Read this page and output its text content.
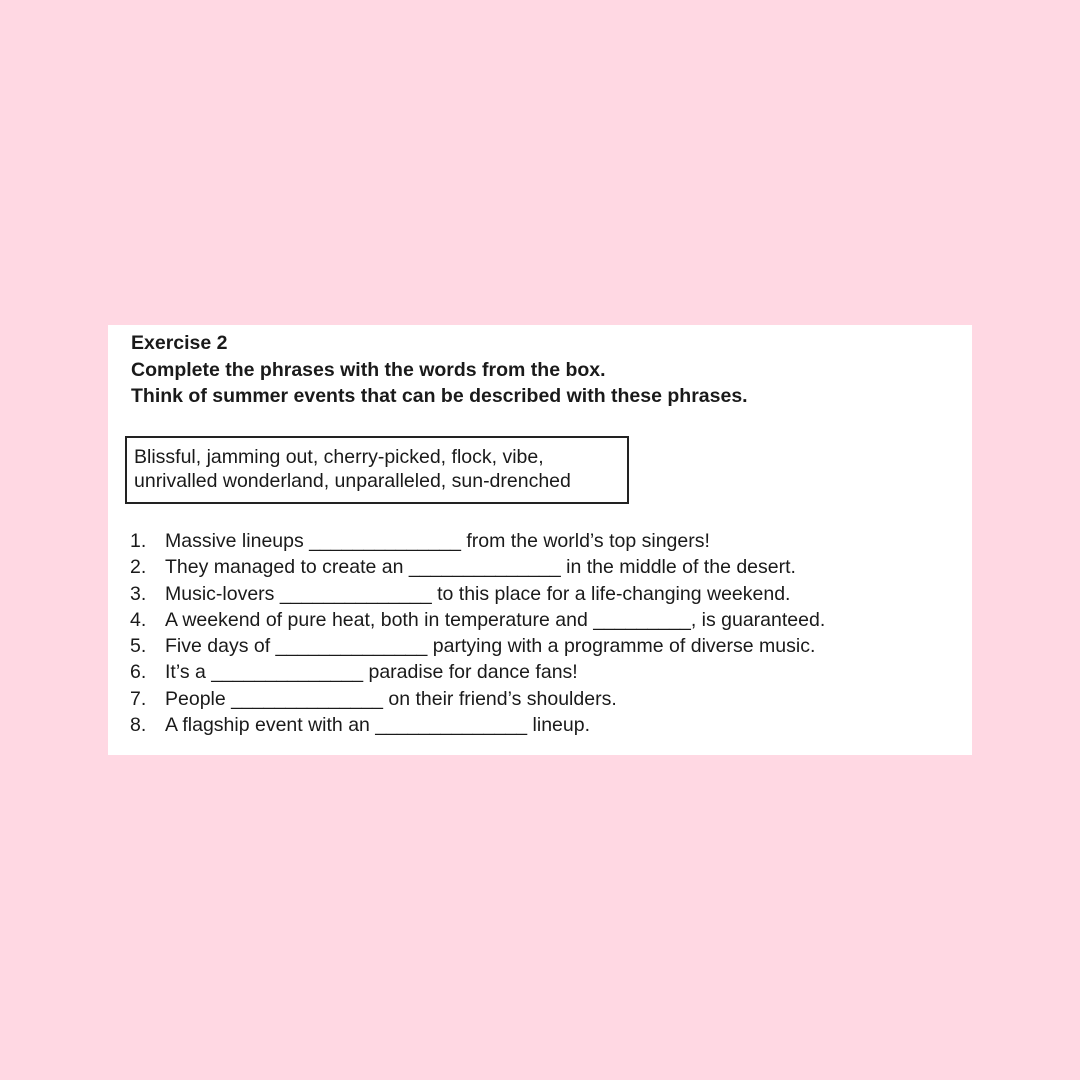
Exercise 2
Complete the phrases with the words from the box.
Think of summer events that can be described with these phrases.
Blissful, jamming out, cherry-picked, flock, vibe,
unrivalled wonderland, unparalleled, sun-drenched
1. Massive lineups ______________ from the world’s top singers!
2. They managed to create an ______________ in the middle of the desert.
3. Music-lovers ______________ to this place for a life-changing weekend.
4. A weekend of pure heat, both in temperature and _________, is guaranteed.
5. Five days of ______________ partying with a programme of diverse music.
6. It’s a ______________ paradise for dance fans!
7. People ______________ on their friend’s shoulders.
8. A flagship event with an ______________ lineup.
